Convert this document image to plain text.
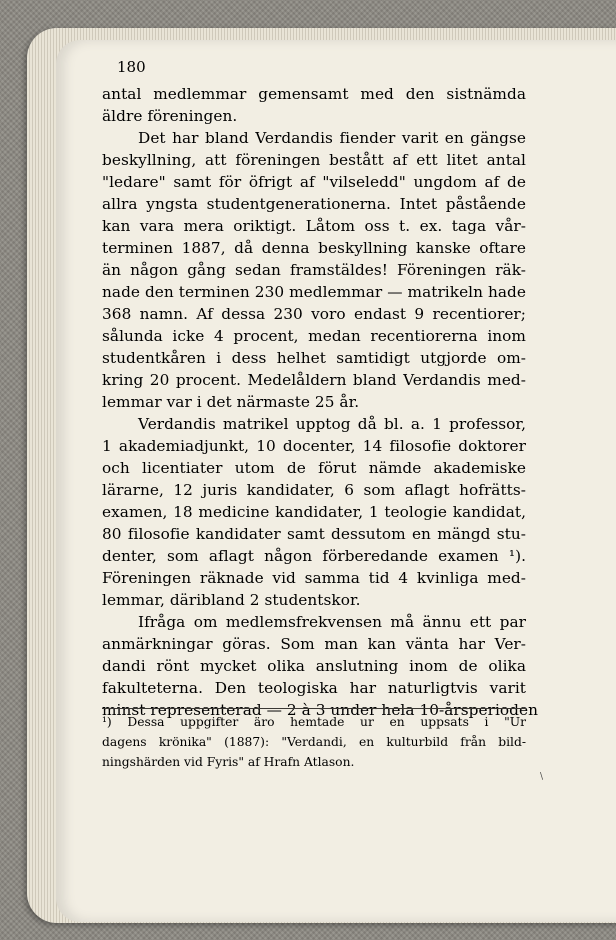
180
antal medlemmar gemensamt med den sistnämda
äldre föreningen.
Det har bland Verdandis fiender varit en gängse
beskyllning, att föreningen bestått af ett litet antal
"ledare" samt för öfrigt af "vilseledd" ungdom af de
allra yngsta studentgenerationerna. Intet påstående
kan vara mera oriktigt. Låtom oss t. ex. taga vår-
terminen 1887, då denna beskyllning kanske oftare
än någon gång sedan framstäldes! Föreningen räk-
nade den terminen 230 medlemmar — matrikeln hade
368 namn. Af dessa 230 voro endast 9 recentiorer;
sålunda icke 4 procent, medan recentiorerna inom
studentkåren i dess helhet samtidigt utgjorde om-
kring 20 procent. Medelåldern bland Verdandis med-
lemmar var i det närmaste 25 år.
Verdandis matrikel upptog då bl. a. 1 professor,
1 akademiadjunkt, 10 docenter, 14 filosofie doktorer
och licentiater utom de förut nämde akademiske
lärarne, 12 juris kandidater, 6 som aflagt hofrätts-
examen, 18 medicine kandidater, 1 teologie kandidat,
80 filosofie kandidater samt dessutom en mängd stu-
denter, som aflagt någon förberedande examen ¹).
Föreningen räknade vid samma tid 4 kvinliga med-
lemmar, däribland 2 studentskor.
Ifråga om medlemsfrekvensen må ännu ett par
anmärkningar göras. Som man kan vänta har Ver-
dandi rönt mycket olika anslutning inom de olika
fakulteterna. Den teologiska har naturligtvis varit
minst representerad — 2 à 3 under hela 10-årsperioden
¹) Dessa uppgifter äro hemtade ur en uppsats i "Ur
dagens krönika" (1887): "Verdandi, en kulturbild från bild-
ningshärden vid Fyris" af Hrafn Atlason.
\
